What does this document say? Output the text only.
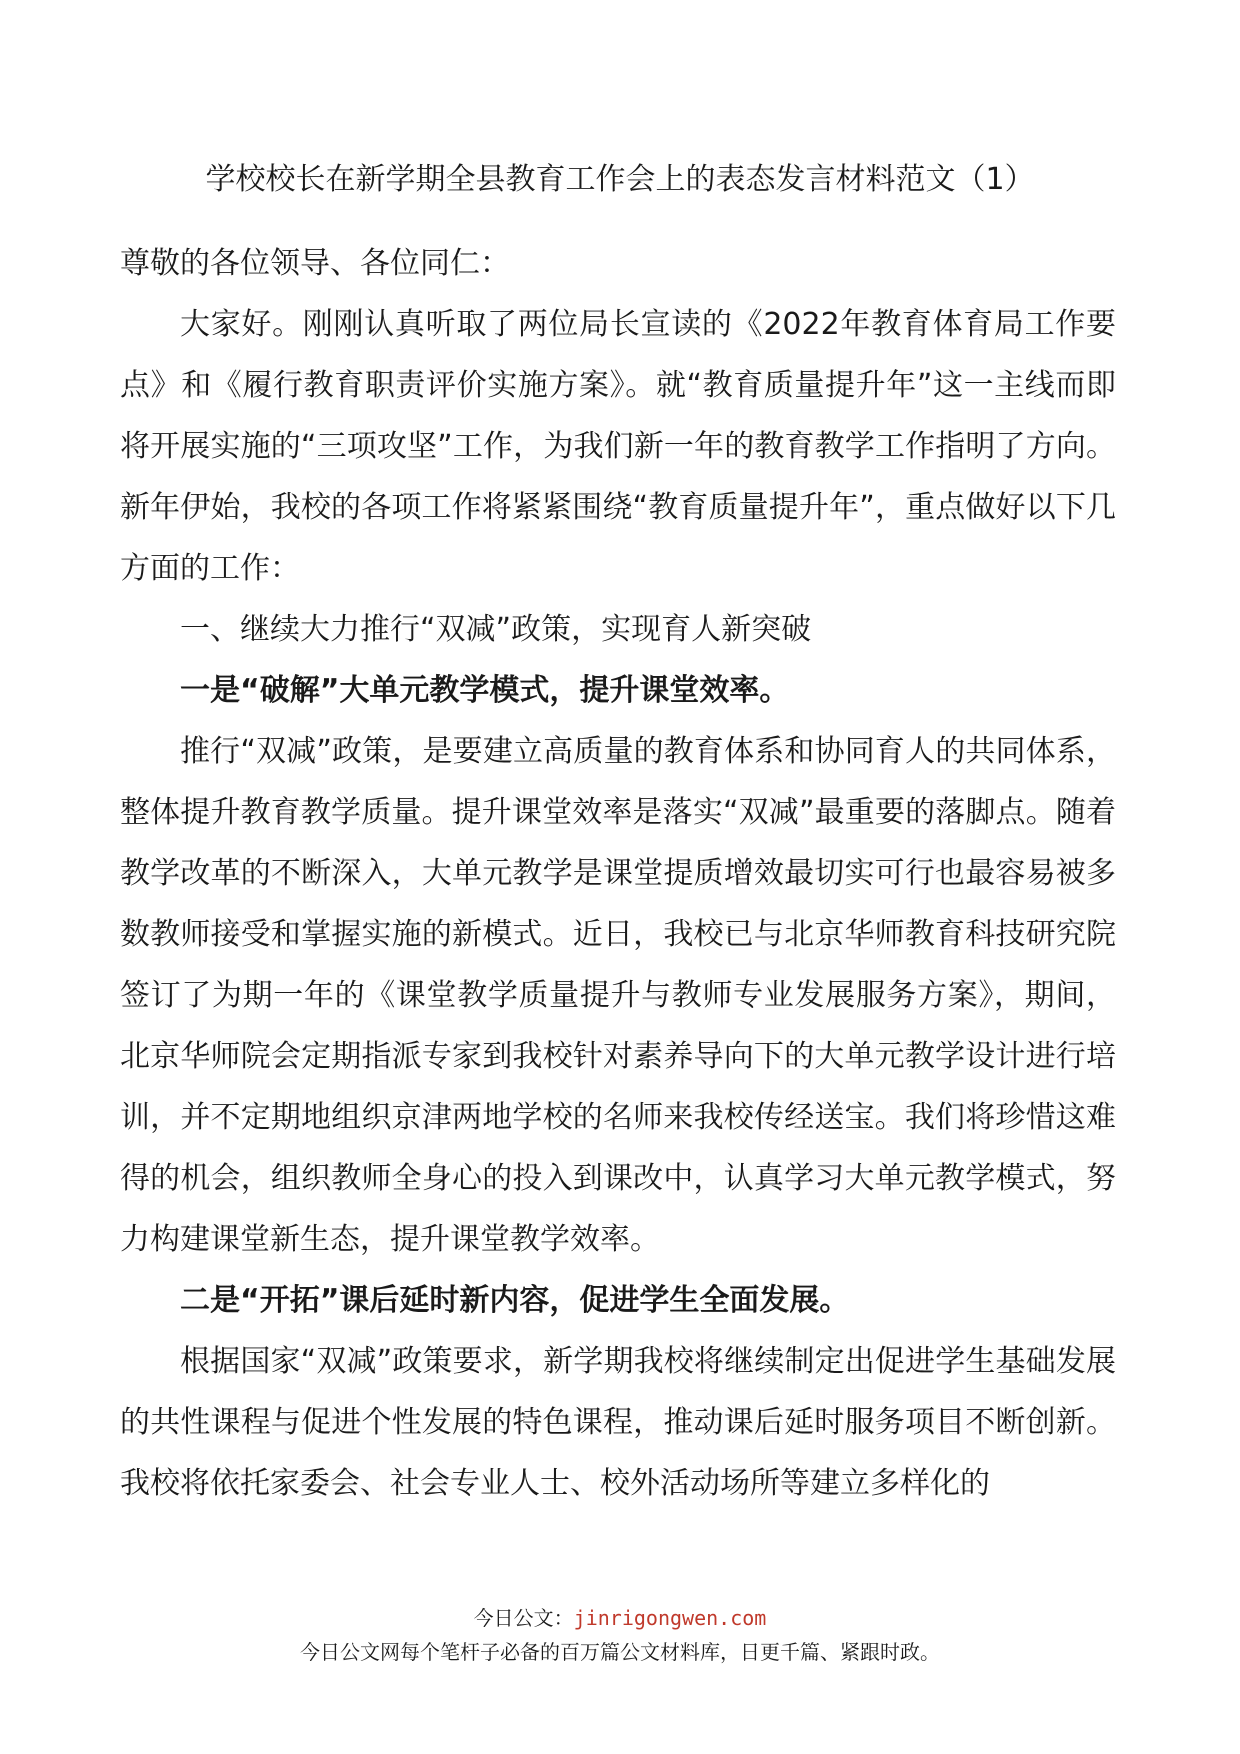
学校校长在新学期全县教育工作会上的表态发言材料范文（1）

尊敬的各位领导、各位同仁：

大家好。刚刚认真听取了两位局长宣读的《2022年教育体育局工作要点》和《履行教育职责评价实施方案》。就“教育质量提升年”这一主线而即将开展实施的“三项攻坚”工作，为我们新一年的教育教学工作指明了方向。新年伊始，我校的各项工作将紧紧围绕“教育质量提升年”，重点做好以下几方面的工作：

一、继续大力推行“双减”政策，实现育人新突破

一是“破解”大单元教学模式，提升课堂效率。

推行“双减”政策，是要建立高质量的教育体系和协同育人的共同体系，整体提升教育教学质量。提升课堂效率是落实“双减”最重要的落脚点。随着教学改革的不断深入，大单元教学是课堂提质增效最切实可行也最容易被多数教师接受和掌握实施的新模式。近日，我校已与北京华师教育科技研究院签订了为期一年的《课堂教学质量提升与教师专业发展服务方案》，期间，北京华师院会定期指派专家到我校针对素养导向下的大单元教学设计进行培训，并不定期地组织京津两地学校的名师来我校传经送宝。我们将珍惜这难得的机会，组织教师全身心的投入到课改中，认真学习大单元教学模式，努力构建课堂新生态，提升课堂教学效率。

二是“开拓”课后延时新内容，促进学生全面发展。

根据国家“双减”政策要求，新学期我校将继续制定出促进学生基础发展的共性课程与促进个性发展的特色课程，推动课后延时服务项目不断创新。我校将依托家委会、社会专业人士、校外活动场所等建立多样化的

今日公文：jinrigongwen.com
今日公文网每个笔杆子必备的百万篇公文材料库，日更千篇、紧跟时政。
